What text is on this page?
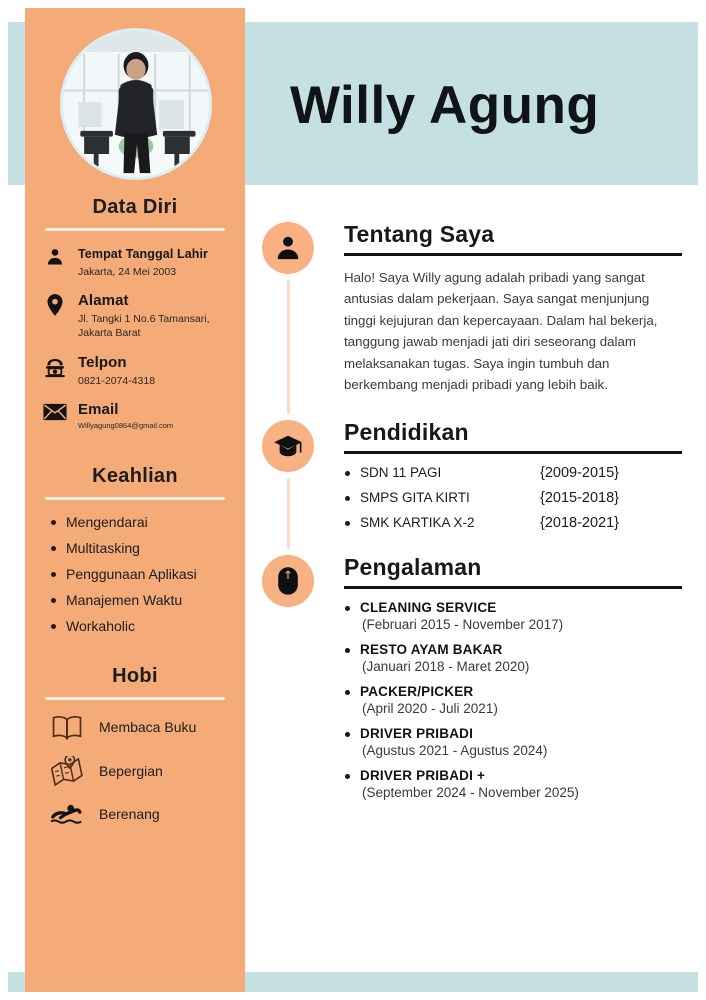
Willy Agung
Data Diri
Tempat Tanggal Lahir
Jakarta, 24 Mei 2003
Alamat
Jl. Tangki 1 No.6 Tamansari, Jakarta Barat
Telpon
0821-2074-4318
Email
Willyagung0864@gmail.com
Keahlian
Mengendarai
Multitasking
Penggunaan Aplikasi
Manajemen Waktu
Workaholic
Hobi
Membaca Buku
Bepergian
Berenang
Tentang Saya
Halo! Saya Willy agung adalah pribadi yang sangat antusias dalam pekerjaan. Saya sangat menjunjung tinggi kejujuran dan kepercayaan. Dalam hal bekerja, tanggung jawab menjadi jati diri seseorang dalam melaksanakan tugas. Saya ingin tumbuh dan berkembang menjadi pribadi yang lebih baik.
Pendidikan
SDN 11 PAGI	{2009-2015}
SMPS GITA KIRTI	{2015-2018}
SMK KARTIKA X-2	{2018-2021}
Pengalaman
CLEANING SERVICE
(Februari 2015 - November 2017)
RESTO AYAM BAKAR
(Januari 2018 - Maret 2020)
PACKER/PICKER
(April 2020 - Juli 2021)
DRIVER PRIBADI
(Agustus 2021 - Agustus 2024)
DRIVER PRIBADI +
(September 2024 - November 2025)
